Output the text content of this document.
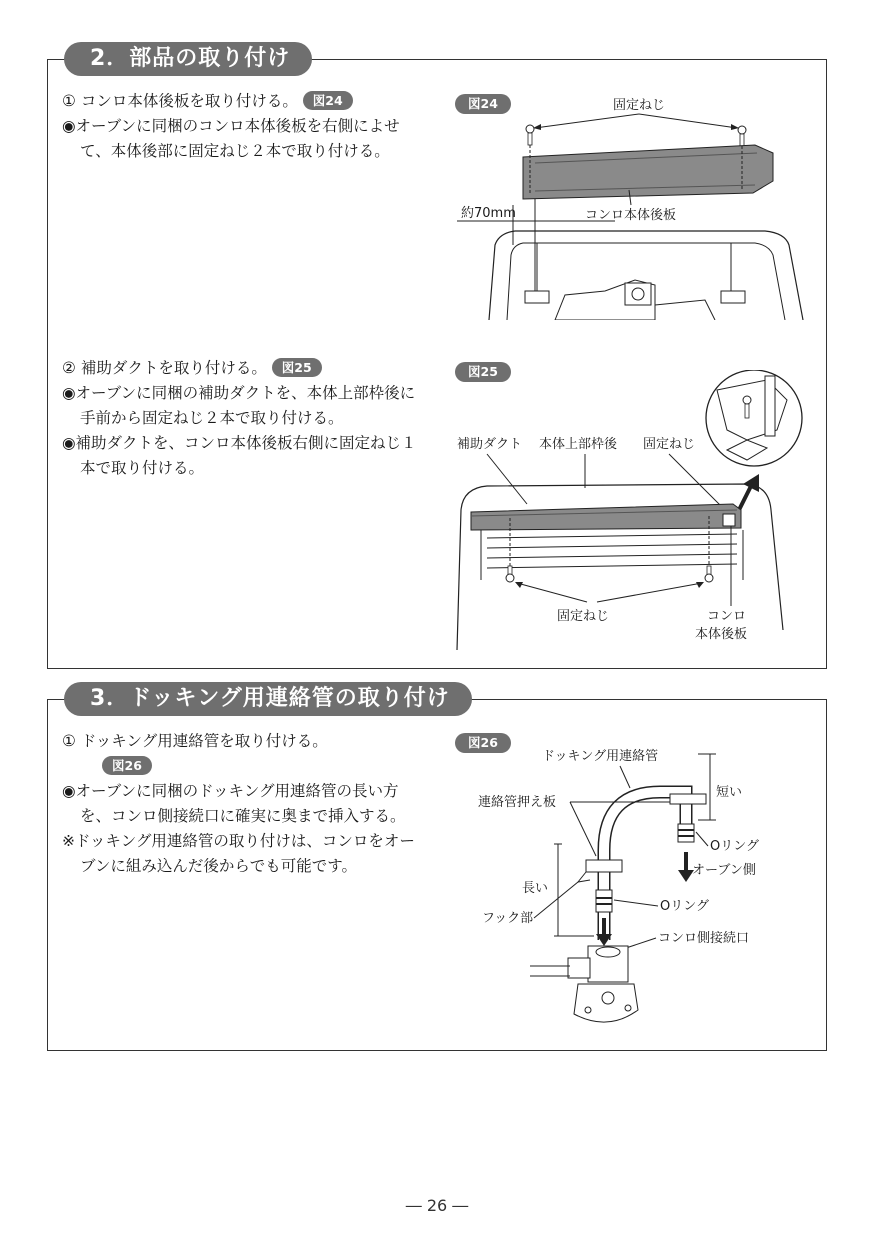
2．部品の取り付け

① コンロ本体後板を取り付ける。 図24

◉オーブンに同梱のコンロ本体後板を右側によせて、本体後部に固定ねじ２本で取り付ける。

図24	固定ねじ
約70mm	コンロ本体後板

② 補助ダクトを取り付ける。 図25

◉オーブンに同梱の補助ダクトを、本体上部枠後に手前から固定ねじ２本で取り付ける。

◉補助ダクトを、コンロ本体後板右側に固定ねじ１本で取り付ける。

図25
補助ダクト 本体上部枠後 固定ねじ
固定ねじ	コンロ
本体後板
3．ドッキング用連絡管の取り付け

① ドッキング用連絡管を取り付ける。

図26

◉オーブンに同梱のドッキング用連絡管の長い方を、コンロ側接続口に確実に奥まで挿入する。

※ドッキング用連絡管の取り付けは、コンロをオーブンに組み込んだ後からでも可能です。

図26
ドッキング用連絡管
短い
連絡管押え板
Oリング
オーブン側
長い
フック部
Oリング
コンロ側接続口
― 26 ―
